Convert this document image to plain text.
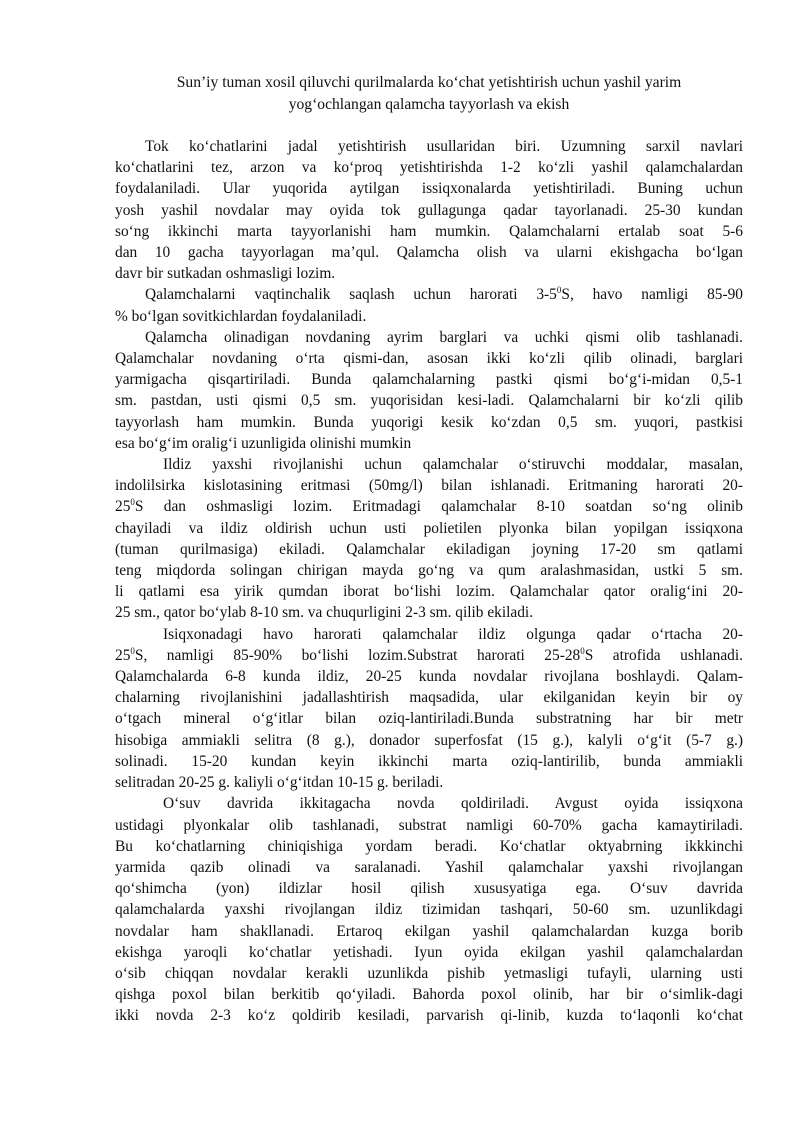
Sun’iy tuman xosil qiluvchi qurilmalarda ko‘chat yetishtirish uchun yashil yarim
yog‘ochlangan qalamcha tayyorlash va ekish

Tok ko‘chatlarini jadal yetishtirish usullaridan biri. Uzumning sarxil navlari
ko‘chatlarini tez, arzon va ko‘proq yetishtirishda 1-2 ko‘zli yashil qalamchalardan
foydalaniladi. Ular yuqorida aytilgan issiqxonalarda yetishtiriladi. Buning uchun
yosh yashil novdalar may oyida tok gullagunga qadar tayorlanadi. 25-30 kundan
so‘ng ikkinchi marta tayyorlanishi ham mumkin. Qalamchalarni ertalab soat 5-6
dan 10 gacha tayyorlagan ma’qul. Qalamcha olish va ularni ekishgacha bo‘lgan
davr bir sutkadan oshmasligi lozim.

Qalamchalarni vaqtinchalik saqlash uchun harorati $3-5^0S$, havo namligi 85-90
% bo‘lgan sovitkichlardan foydalaniladi.

Qalamcha olinadigan novdaning ayrim barglari va uchki qismi olib tashlanadi.
Qalamchalar novdaning o‘rta qismi-dan, asosan ikki ko‘zli qilib olinadi, barglari
yarmigacha qisqartiriladi. Bunda qalamchalarning pastki qismi bo‘g‘i-midan 0,5-1
sm. pastdan, usti qismi 0,5 sm. yuqorisidan kesi-ladi. Qalamchalarni bir ko‘zli qilib
tayyorlash ham mumkin. Bunda yuqorigi kesik ko‘zdan 0,5 sm. yuqori, pastkisi
esa bo‘g‘im oralig‘i uzunligida olinishi mumkin

Ildiz yaxshi rivojlanishi uchun qalamchalar o‘stiruvchi moddalar, masalan,
indolilsirka kislotasining eritmasi (50mg/l) bilan ishlanadi. Eritmaning harorati 20-
$25^0S$ dan oshmasligi lozim. Eritmadagi qalamchalar 8-10 soatdan so‘ng olinib
chayiladi va ildiz oldirish uchun usti polietilen plyonka bilan yopilgan issiqxona
(tuman qurilmasiga) ekiladi. Qalamchalar ekiladigan joyning 17-20 sm qatlami
teng miqdorda solingan chirigan mayda go‘ng va qum aralashmasidan, ustki 5 sm.
li qatlami esa yirik qumdan iborat bo‘lishi lozim. Qalamchalar qator oralig‘ini 20-
25 sm., qator bo‘ylab 8-10 sm. va chuqurligini 2-3 sm. qilib ekiladi.

Isiqxonadagi havo harorati qalamchalar ildiz olgunga qadar o‘rtacha 20-
$25^0S$, namligi 85-90% bo‘lishi lozim.Substrat harorati $25-28^0S$ atrofida ushlanadi.
Qalamchalarda 6-8 kunda ildiz, 20-25 kunda novdalar rivojlana boshlaydi. Qalam-
chalarning rivojlanishini jadallashtirish maqsadida, ular ekilganidan keyin bir oy
o‘tgach mineral o‘g‘itlar bilan oziq-lantiriladi.Bunda substratning har bir metr
hisobiga ammiakli selitra (8 g.), donador superfosfat (15 g.), kalyli o‘g‘it (5-7 g.)
solinadi. 15-20 kundan keyin ikkinchi marta oziq-lantirilib, bunda ammiakli
selitradan 20-25 g. kaliyli o‘g‘itdan 10-15 g. beriladi.

O‘suv davrida ikkitagacha novda qoldiriladi. Avgust oyida issiqxona
ustidagi plyonkalar olib tashlanadi, substrat namligi 60-70% gacha kamaytiriladi.
Bu ko‘chatlarning chiniqishiga yordam beradi. Ko‘chatlar oktyabrning ikkkinchi
yarmida qazib olinadi va saralanadi. Yashil qalamchalar yaxshi rivojlangan
qo‘shimcha (yon) ildizlar hosil qilish xususyatiga ega. O‘suv davrida
qalamchalarda yaxshi rivojlangan ildiz tizimidan tashqari, 50-60 sm. uzunlikdagi
novdalar ham shakllanadi. Ertaroq ekilgan yashil qalamchalardan kuzga borib
ekishga yaroqli ko‘chatlar yetishadi. Iyun oyida ekilgan yashil qalamchalardan
o‘sib chiqqan novdalar kerakli uzunlikda pishib yetmasligi tufayli, ularning usti
qishga poxol bilan berkitib qo‘yiladi. Bahorda poxol olinib, har bir o‘simlik-dagi
ikki novda 2-3 ko‘z qoldirib kesiladi, parvarish qi-linib, kuzda to‘laqonli ko‘chat
